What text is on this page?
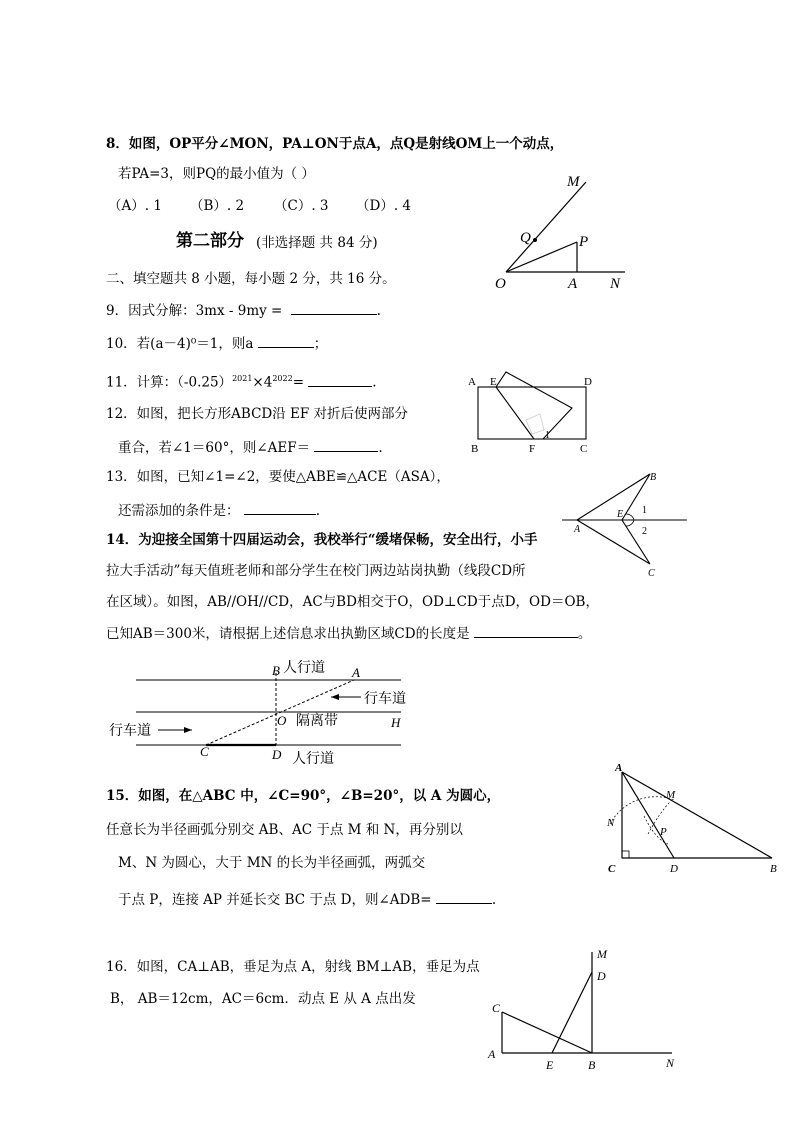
8．如图，OP平分∠MON，PA⊥ON于点A，点Q是射线OM上一个动点，
若PA=3，则PQ的最小值为（ ）
（A）. 1 （B）. 2 （C）. 3 （D）. 4
M
Q	P
O	A N
第二部分 (非选择题 共 84 分)
二、填空题共 8 小题，每小题 2 分，共 16 分。
9．因式分解：3mx - 9my =	.
10．若(a－4)⁰＝1，则a	；
11．计算：$(-0.25)^{2021}\times 4^{2022}=$	.
12．如图，把长方形ABCD沿 EF 对折后使两部分
重合，若∠1＝60°，则∠AEF＝	.
A E	D
B	F	C
1
13．如图，已知∠1=∠2，要使△ABE≌△ACE（ASA），
还需添加的条件是：	.
B
E 1
2
A
C
14．为迎接全国第十四届运动会，我校举行“缓堵保畅，安全出行，小手
拉大手活动”每天值班老师和部分学生在校门两边站岗执勤（线段CD所
在区域）。如图，AB//OH//CD，AC与BD相交于O，OD⊥CD于点D，OD＝OB，
已知AB＝300米，请根据上述信息求出执勤区域CD的长度是	。
B 人行道 A
行车道
O 隔离带	H
行车道
C	D 人行道
15．如图，在△ABC 中，∠C=90°，∠B=20°，以 A 为圆心，
任意长为半径画弧分别交 AB、AC 于点 M 和 N，再分别以
M、N 为圆心，大于 MN 的长为半径画弧，两弧交
于点 P，连接 AP 并延长交 BC 于点 D，则∠ADB=	.
A
M
N
P
C	D	B
16．如图，CA⊥AB，垂足为点 A，射线 BM⊥AB，垂足为点
B， AB＝12cm，AC＝6cm．动点 E 从 A 点出发
M
D
C
A
E	B	N
